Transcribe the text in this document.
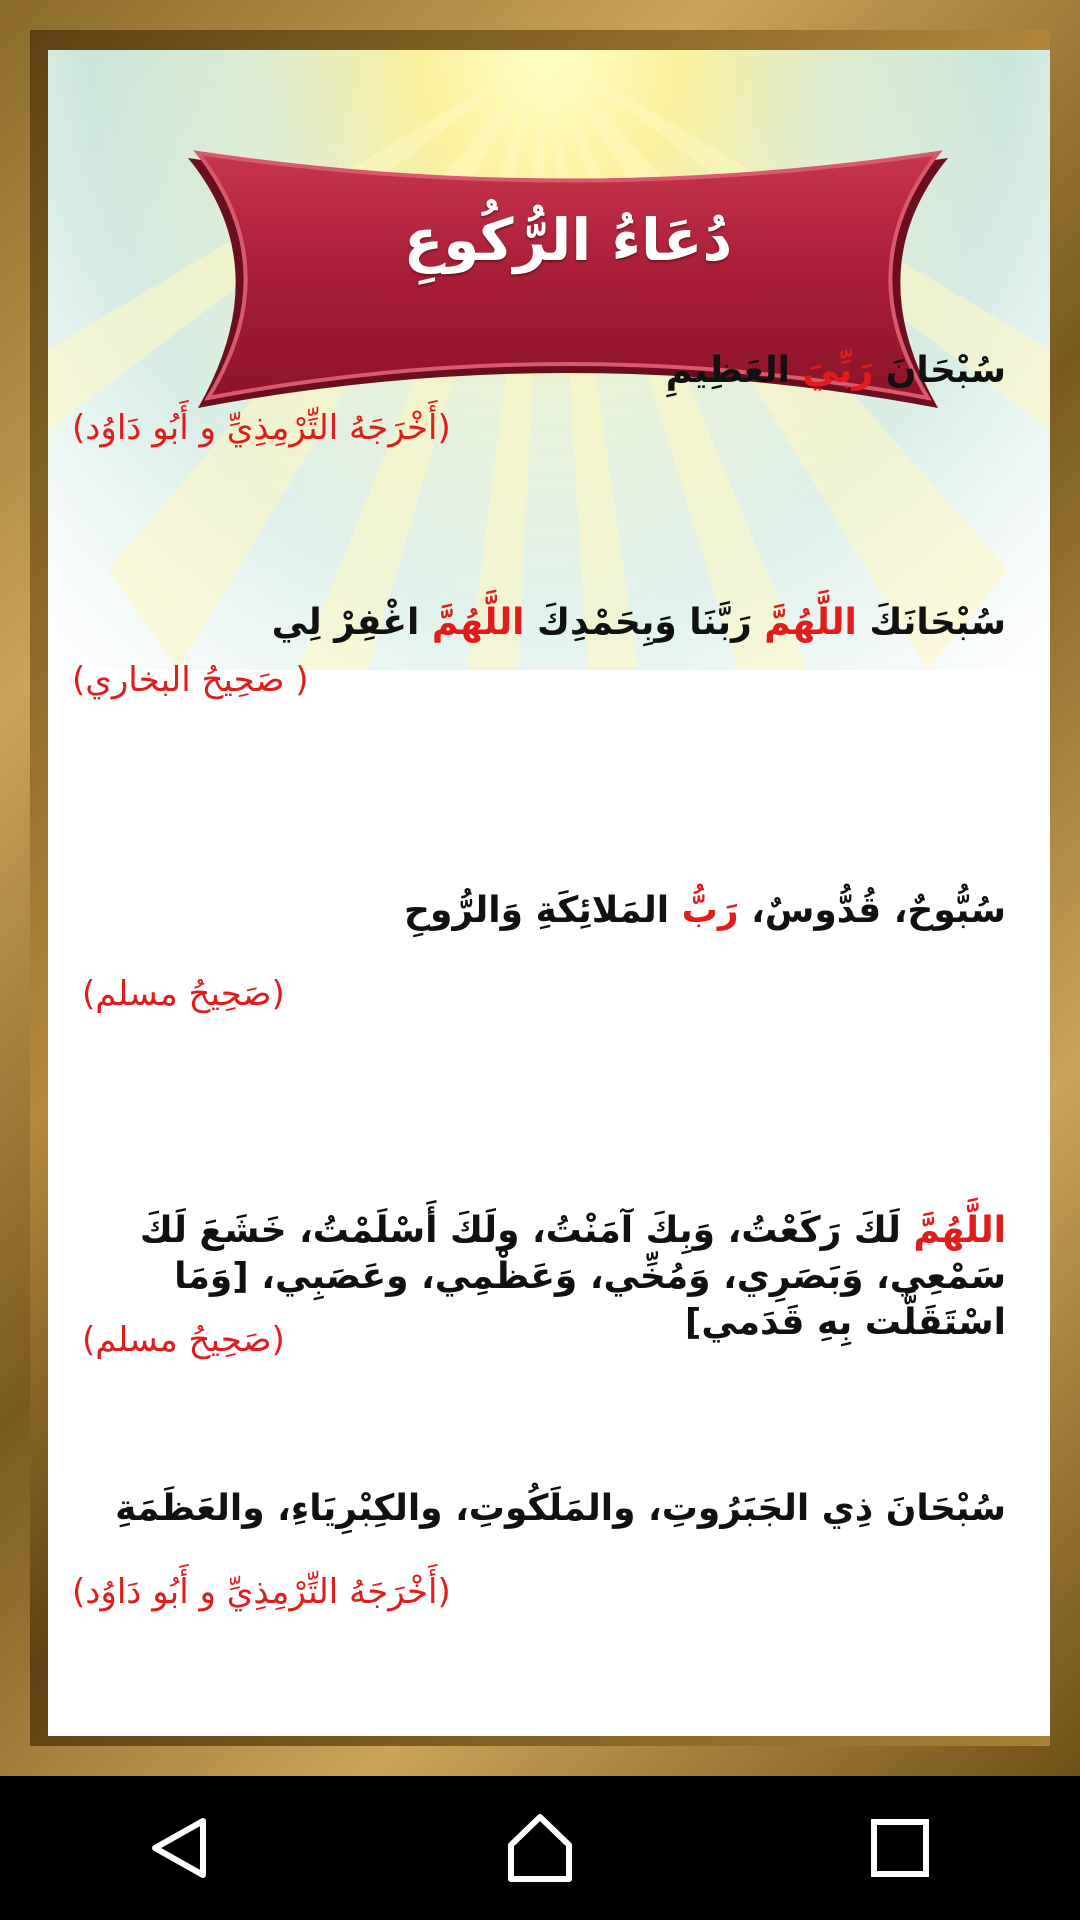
دُعَاءُ الرُّكُوعِ
سُبْحَانَ رَبِّيَ العَظِيمِ
(أَخْرَجَهُ التِّرْمِذِيِّ و أَبُو دَاوُد)
سُبْحَانَكَ اللَّهُمَّ رَبَّنَا وَبِحَمْدِكَ اللَّهُمَّ اغْفِرْ لِي
( صَحِيحُ البخاري)
سُبُّوحٌ، قُدُّوسٌ، رَبُّ المَلائِكَةِ وَالرُّوحِ
(صَحِيحُ مسلم)
اللَّهُمَّ لَكَ رَكَعْتُ، وَبِكَ آمَنْتُ، ولَكَ أَسْلَمْتُ، خَشَعَ لَكَ سَمْعِي، وَبَصَرِي، وَمُخِّي، وَعَظْمِي، وعَصَبِي، [وَمَا اسْتَقَلَّت بِهِ قَدَمي]
(صَحِيحُ مسلم)
سُبْحَانَ ذِي الجَبَرُوتِ، والمَلَكُوتِ، والكِبْرِيَاءِ، والعَظَمَةِ
(أَخْرَجَهُ التِّرْمِذِيِّ و أَبُو دَاوُد)
